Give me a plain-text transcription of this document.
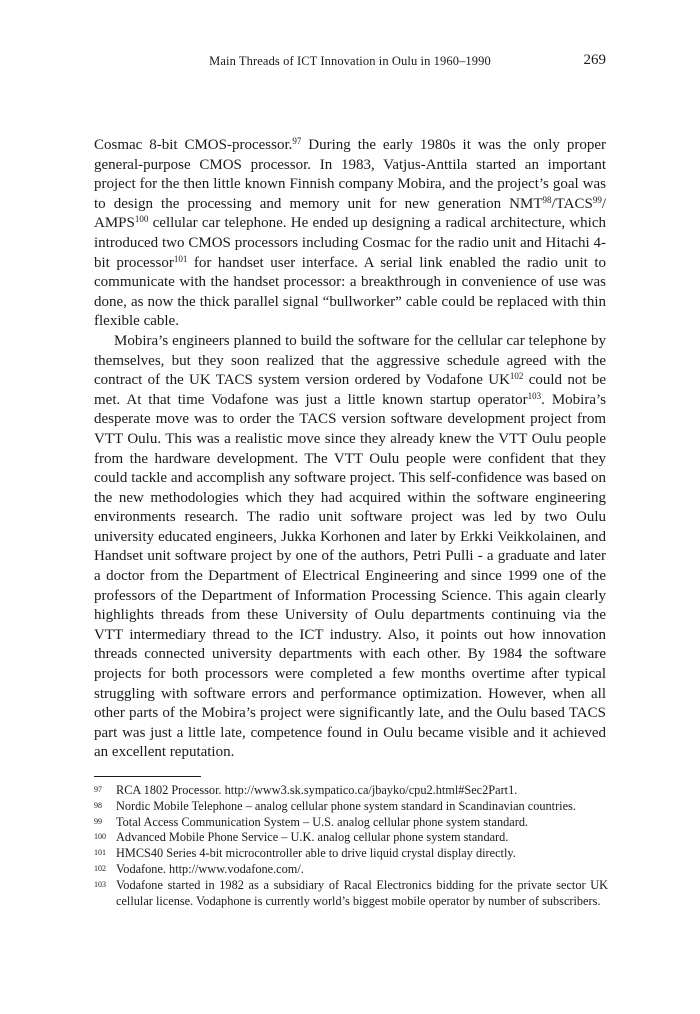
Main Threads of ICT Innovation in Oulu in 1960–1990	269

Cosmac 8-bit CMOS-processor.$^{97}$ During the early 1980s it was the only proper general-purpose CMOS processor. In 1983, Vatjus-Anttila started an important project for the then little known Finnish company Mobira, and the project’s goal was to design the processing and memory unit for new generation NMT$^{98}$/TACS$^{99}$/ AMPS$^{100}$ cellular car telephone. He ended up designing a radical architecture, which introduced two CMOS processors including Cosmac for the radio unit and Hitachi 4-bit processor$^{101}$ for handset user interface. A serial link enabled the radio unit to communicate with the handset processor: a breakthrough in convenience of use was done, as now the thick parallel signal “bullworker” cable could be replaced with thin flexible cable.

Mobira’s engineers planned to build the software for the cellular car telephone by themselves, but they soon realized that the aggressive schedule agreed with the contract of the UK TACS system version ordered by Vodafone UK$^{102}$ could not be met. At that time Vodafone was just a little known startup operator$^{103}$. Mobira’s desperate move was to order the TACS version software development project from VTT Oulu. This was a realistic move since they already knew the VTT Oulu people from the hardware development. The VTT Oulu people were confident that they could tackle and accomplish any software project. This self-confidence was based on the new methodologies which they had acquired within the software engineering environments research. The radio unit software project was led by two Oulu university educated engineers, Jukka Korhonen and later by Erkki Veikkolainen, and Handset unit software project by one of the authors, Petri Pulli - a graduate and later a doctor from the Department of Electrical Engineering and since 1999 one of the professors of the Department of Information Processing Science. This again clearly highlights threads from these University of Oulu departments continuing via the VTT intermediary thread to the ICT industry. Also, it points out how innovation threads connected university departments with each other. By 1984 the software projects for both processors were completed a few months overtime after typical struggling with software errors and performance optimization. However, when all other parts of the Mobira’s project were significantly late, and the Oulu based TACS part was just a little late, competence found in Oulu became visible and it achieved an excellent reputation.

97	RCA 1802 Processor. http://www3.sk.sympatico.ca/jbayko/cpu2.html#Sec2Part1.
98	Nordic Mobile Telephone – analog cellular phone system standard in Scandinavian countries.
99	Total Access Communication System – U.S. analog cellular phone system standard.
100 Advanced Mobile Phone Service – U.K. analog cellular phone system standard.
101 HMCS40 Series 4-bit microcontroller able to drive liquid crystal display directly.
102 Vodafone. http://www.vodafone.com/.
103 Vodafone started in 1982 as a subsidiary of Racal Electronics bidding for the private sector UK cellular license. Vodaphone is currently world’s biggest mobile operator by number of subscribers.
